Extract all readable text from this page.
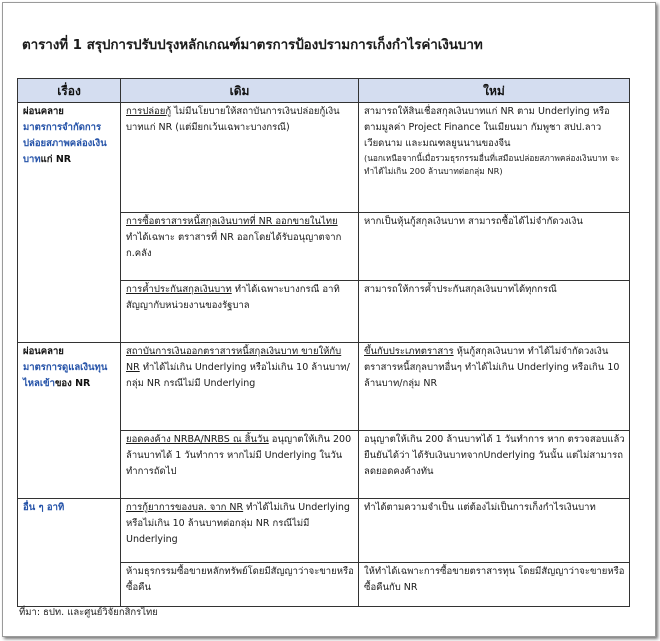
ตารางที่ 1 สรุปการปรับปรุงหลักเกณฑ์มาตรการป้องปรามการเก็งกำไรค่าเงินบาท
เรื่อง	เดิม	ใหม่
ผ่อนคลาย
มาตรการจำกัดการปล่อยสภาพคล่องเงินบาทแก่ NR	การปล่อยกู้ ไม่มีนโยบายให้สถาบันการเงินปล่อยกู้เงินบาทแก่ NR (แต่มียกเว้นเฉพาะบางกรณี)	สามารถให้สินเชื่อสกุลเงินบาทแก่ NR ตาม Underlying หรือตามมูลค่า Project Finance ในเมียนมา กัมพูชา สปป.ลาว เวียดนาม และมณฑลยูนนานของจีน
(นอกเหนือจากนี้เมื่อรวมธุรกรรมอื่นที่เสมือนปล่อยสภาพคล่องเงินบาท จะทำได้ไม่เกิน 200 ล้านบาทต่อกลุ่ม NR)

	การซื้อตราสารหนี้สกุลเงินบาทที่ NR ออกขายในไทย ทำได้เฉพาะ ตราสารที่ NR ออกโดยได้รับอนุญาตจาก ก.คลัง	หากเป็นหุ้นกู้สกุลเงินบาท สามารถซื้อได้ไม่จำกัดวงเงิน
	การค้ำประกันสกุลเงินบาท ทำได้เฉพาะบางกรณี อาทิ สัญญากับหน่วยงานของรัฐบาล	สามารถให้การค้ำประกันสกุลเงินบาทได้ทุกกรณี
ผ่อนคลาย
มาตรการดูแลเงินทุนไหลเข้าของ NR	สถาบันการเงินออกตราสารหนี้สกุลเงินบาท ขายให้กับ NR ทำได้ไม่เกิน Underlying หรือไม่เกิน 10 ล้านบาท/กลุ่ม NR กรณีไม่มี Underlying	ขึ้นกับประเภทตราสาร หุ้นกู้สกุลเงินบาท ทำได้ไม่จำกัดวงเงิน ตราสารหนี้สกุลบาทอื่นๆ ทำได้ไม่เกิน Underlying หรือเกิน 10 ล้านบาท/กลุ่ม NR
	ยอดคงค้าง NRBA/NRBS ณ สิ้นวัน อนุญาตให้เกิน 200 ล้านบาทได้ 1 วันทำการ หากไม่มี Underlying ในวันทำการถัดไป	อนุญาตให้เกิน 200 ล้านบาทได้ 1 วันทำการ หาก ตรวจสอบแล้วยืนยันได้ว่า ได้รับเงินบาทจากUnderlying วันนั้น แต่ไม่สามารถลดยอดคงค้างทัน
อื่น ๆ อาทิ	การกู้ยาการของบล. จาก NR ทำได้ไม่เกิน Underlying หรือไม่เกิน 10 ล้านบาทต่อกลุ่ม NR กรณีไม่มี Underlying	ทำได้ตามความจำเป็น แต่ต้องไม่เป็นการเก็งกำไรเงินบาท
	ห้ามธุรกรรมซื้อขายหลักทรัพย์โดยมีสัญญาว่าจะขายหรือซื้อคืน	ให้ทำได้เฉพาะการซื้อขายตราสารทุน โดยมีสัญญาว่าจะขายหรือซื้อคืนกับ NR
ที่มา: ธปท. และศูนย์วิจัยกสิกรไทย
